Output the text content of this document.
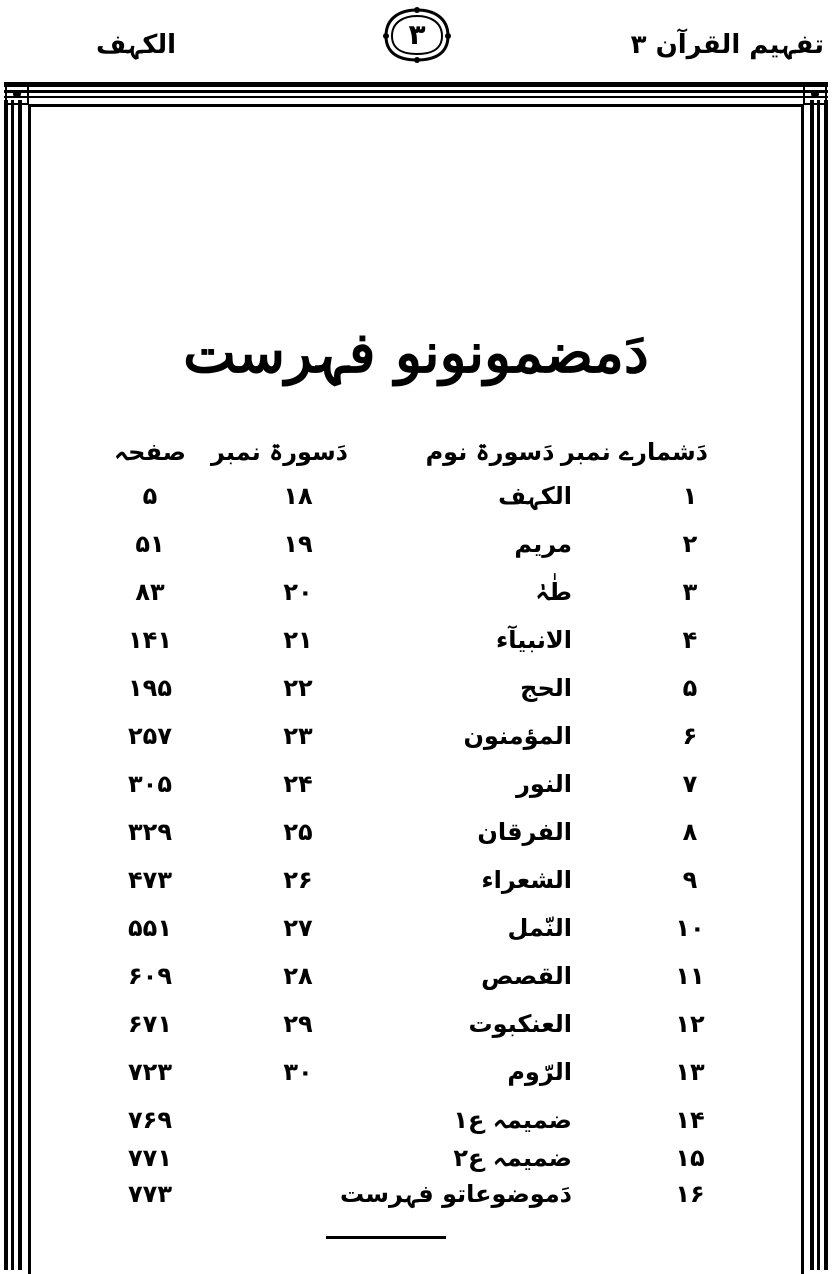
تفہیم القرآن ۳
الکہف	۳
دَمضمونونو فہرست
دَشمارے نمبر
دَسورۃ نوم
دَسورۃ نمبر
صفحہ
۱
الکہف
۱۸
۵
۲
مریم
۱۹
۵۱
۳
طٰہٰ
۲۰
۸۳
۴
الانبیآء
۲۱
۱۴۱
۵
الحج
۲۲
۱۹۵
۶
المؤمنون
۲۳
۲۵۷
۷
النور
۲۴
۳۰۵
۸
الفرقان
۲۵
۳۲۹
۹
الشعراء
۲۶
۴۷۳
۱۰
النّمل
۲۷
۵۵۱
۱۱
القصص
۲۸
۶۰۹
۱۲
العنکبوت
۲۹
۶۷۱
۱۳
الرّوم
۳۰
۷۲۳
۱۴
ضمیمہ ع۱
۷۶۹
۱۵
ضمیمہ ع۲
۷۷۱
۱۶
دَموضوعاتو فہرست
۷۷۳
